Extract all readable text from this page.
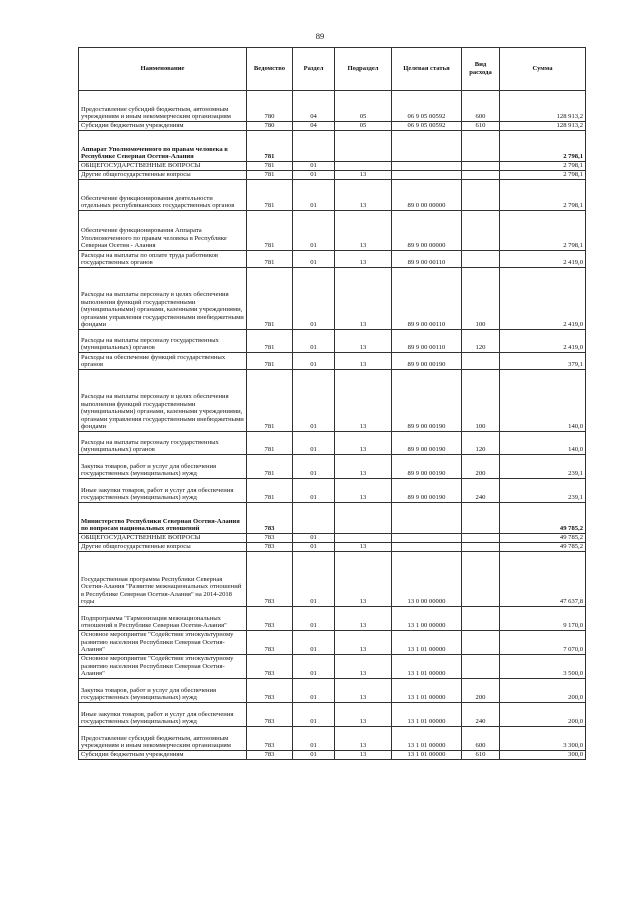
89
Наименование	Ведомство	Раздел	Подраздел	Целевая статья	Вид расхода	Сумма
Предоставление субсидий бюджетным, автономным учреждениям и иным некоммерческим организациям	780	04	05	06 9 05 00592	600	128 913,2
Субсидии бюджетным учреждениям	780	04	05	06 9 05 00592	610	128 913,2
Аппарат Уполномоченного по правам человека в Республике Северная Осетия-Алания	781					2 798,1
ОБЩЕГОСУДАРСТВЕННЫЕ ВОПРОСЫ	781	01				2 798,1
Другие общегосударственные вопросы	781	01	13			2 798,1
Обеспечение функционирования деятельности отдельных республиканских государственных органов	781	01	13	89 0 00 00000		2 798,1
Обеспечение функционирования Аппарата Уполномоченного по правам человека в Республике Северная Осетия - Алания	781	01	13	89 9 00 00000		2 798,1
Расходы на выплаты по оплате труда работников государственных органов	781	01	13	89 9 00 00110		2 419,0
Расходы на выплаты персоналу в целях обеспечения выполнения функций государственными (муниципальными) органами, казенными учреждениями, органами управления государственными внебюджетными фондами	781	01	13	89 9 00 00110	100	2 419,0
Расходы на выплаты персоналу государственных (муниципальных) органов	781	01	13	89 9 00 00110	120	2 419,0
Расходы на обеспечение функций государственных органов	781	01	13	89 9 00 00190		379,1
Расходы на выплаты персоналу в целях обеспечения выполнения функций государственными (муниципальными) органами, казенными учреждениями, органами управления государственными внебюджетными фондами	781	01	13	89 9 00 00190	100	140,0
Расходы на выплаты персоналу государственных (муниципальных) органов	781	01	13	89 9 00 00190	120	140,0
Закупка товаров, работ и услуг для обеспечения государственных (муниципальных) нужд	781	01	13	89 9 00 00190	200	239,1
Иные закупки товаров, работ и услуг для обеспечения государственных (муниципальных) нужд	781	01	13	89 9 00 00190	240	239,1
Министерство Республики Северная Осетия-Алания по вопросам национальных отношений	783					49 785,2
ОБЩЕГОСУДАРСТВЕННЫЕ ВОПРОСЫ	783	01				49 785,2
Другие общегосударственные вопросы	783	01	13			49 785,2
Государственная программа Республики Северная Осетия-Алания "Развитие межнациональных отношений в Республике Северная Осетия-Алания" на 2014-2018 годы	783	01	13	13 0 00 00000		47 637,8
Подпрограмма "Гармонизация межнациональных отношений в Республике Северная Осетия-Алания"	783	01	13	13 1 00 00000		9 170,0
Основное мероприятие "Содействие этнокультурному развитию населения Республики Северная Осетия-Алания"	783	01	13	13 1 01 00000		7 070,0
Основное мероприятие "Содействие этнокультурному развитию населения Республики Северная Осетия-Алания"	783	01	13	13 1 01 00000		3 500,0
Закупка товаров, работ и услуг для обеспечения государственных (муниципальных) нужд	783	01	13	13 1 01 00000	200	200,0
Иные закупки товаров, работ и услуг для обеспечения государственных (муниципальных) нужд	783	01	13	13 1 01 00000	240	200,0
Предоставление субсидий бюджетным, автономным учреждениям и иным некоммерческим организациям	783	01	13	13 1 01 00000	600	3 300,0
Субсидии бюджетным учреждениям	783	01	13	13 1 01 00000	610	300,0
